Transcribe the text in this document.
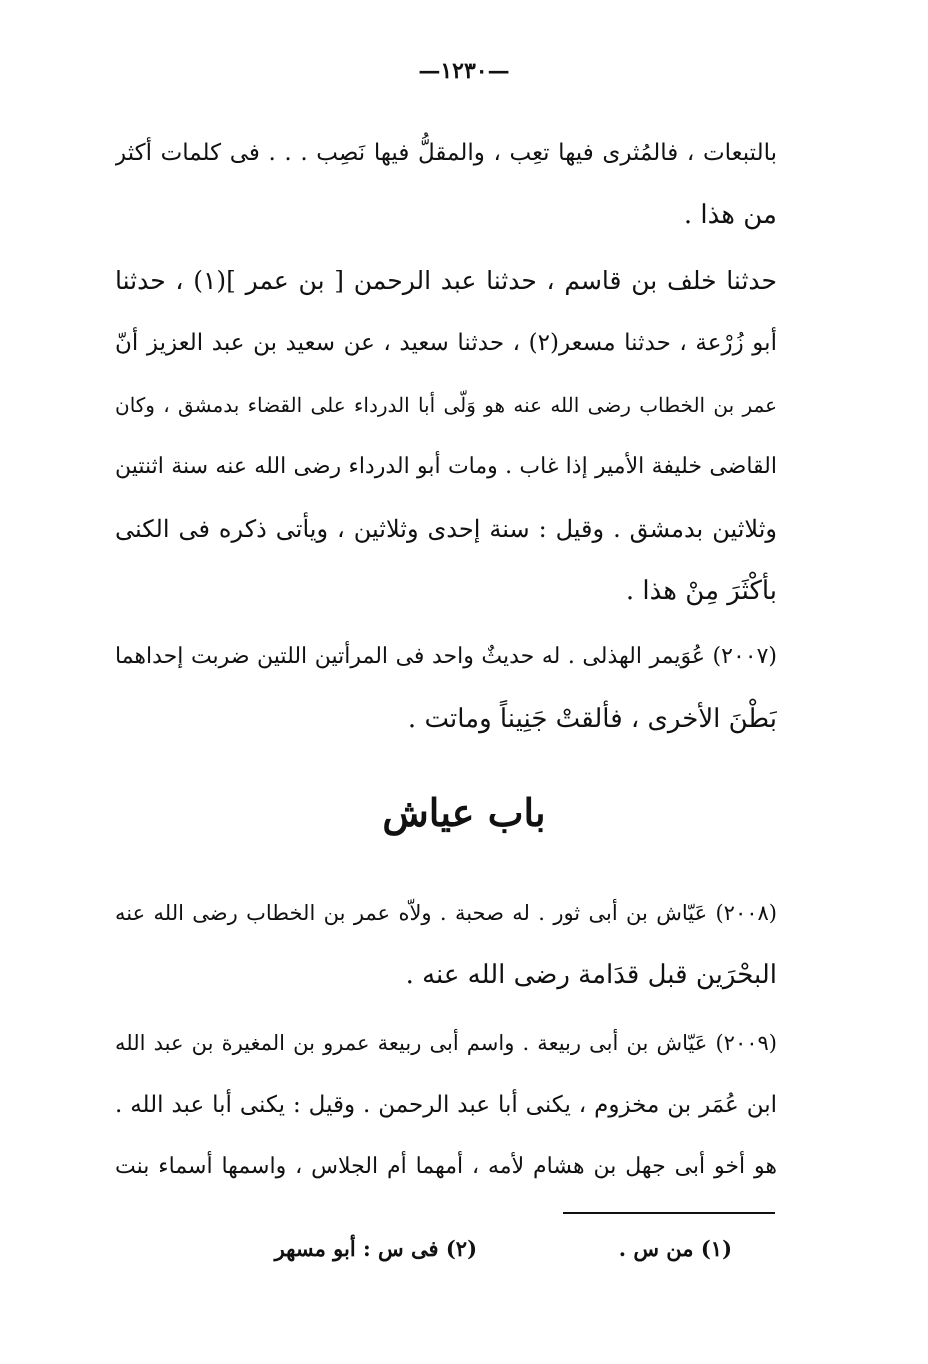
—١٢٣٠—
بالتبعات ، فالمُثرى فيها تعِب ، والمقلُّ فيها نَصِب . . . فى كلمات أكثر
من هذا .
حدثنا خلف بن قاسم ، حدثنا عبد الرحمن [ بن عمر ](١) ، حدثنا
أبو زُرْعة ، حدثنا مسعر(٢) ، حدثنا سعيد ، عن سعيد بن عبد العزيز أنّ
عمر بن الخطاب رضى الله عنه هو وَلّى أبا الدرداء على القضاء بدمشق ، وكان
القاضى خليفة الأمير إذا غاب . ومات أبو الدرداء رضى الله عنه سنة اثنتين
وثلاثين بدمشق . وقيل : سنة إحدى وثلاثين ، ويأتى ذكره فى الكنى
بأكْثَرَ مِنْ هذا .
(٢٠٠٧) عُوَيمر الهذلى . له حديثٌ واحد فى المرأتين اللتين ضربت إحداهما
بَطْنَ الأخرى ، فألقتْ جَنِيناً وماتت .
باب عياش
(٢٠٠٨) عَيّاش بن أبى ثور . له صحبة . ولاّه عمر بن الخطاب رضى الله عنه
البحْرَين قبل قدَامة رضى الله عنه .
(٢٠٠٩) عَيّاش بن أبى ربيعة . واسم أبى ربيعة عمرو بن المغيرة بن عبد الله
ابن عُمَر بن مخزوم ، يكنى أبا عبد الرحمن . وقيل : يكنى أبا عبد الله .
هو أخو أبى جهل بن هشام لأمه ، أمهما أم الجلاس ، واسمها أسماء بنت
(١) من س .
(٢) فى س : أبو مسهر
